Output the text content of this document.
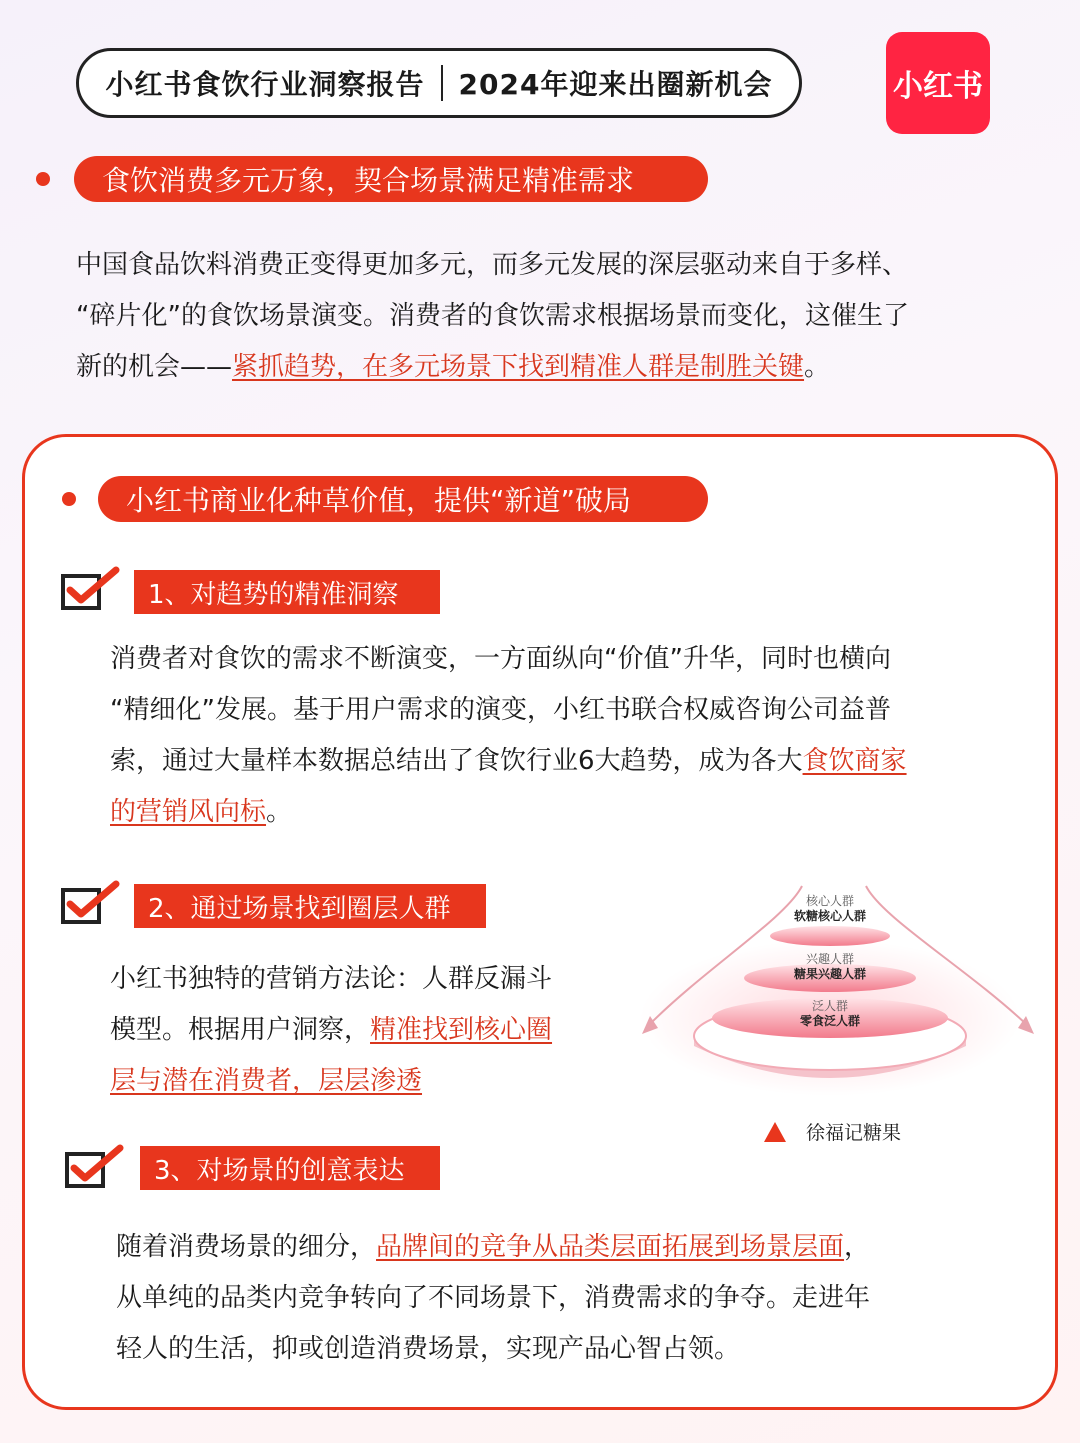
小红书食饮行业洞察报告 2024年迎来出圈新机会	小红书
食饮消费多元万象，契合场景满足精准需求
中国食品饮料消费正变得更加多元，而多元发展的深层驱动来自于多样、
“碎片化”的食饮场景演变。消费者的食饮需求根据场景而变化，这催生了
新的机会——紧抓趋势，在多元场景下找到精准人群是制胜关键。
小红书商业化种草价值，提供“新道”破局
1、对趋势的精准洞察
消费者对食饮的需求不断演变，一方面纵向“价值”升华，同时也横向
“精细化”发展。基于用户需求的演变，小红书联合权威咨询公司益普
索，通过大量样本数据总结出了食饮行业6大趋势，成为各大食饮商家
的营销风向标。
2、通过场景找到圈层人群
小红书独特的营销方法论：人群反漏斗
模型。根据用户洞察，精准找到核心圈
层与潜在消费者，层层渗透
核心人群
软糖核心人群
兴趣人群
糖果兴趣人群
泛人群
零食泛人群
徐福记糖果
3、对场景的创意表达
随着消费场景的细分，品牌间的竞争从品类层面拓展到场景层面，
从单纯的品类内竞争转向了不同场景下，消费需求的争夺。走进年
轻人的生活，抑或创造消费场景，实现产品心智占领。
